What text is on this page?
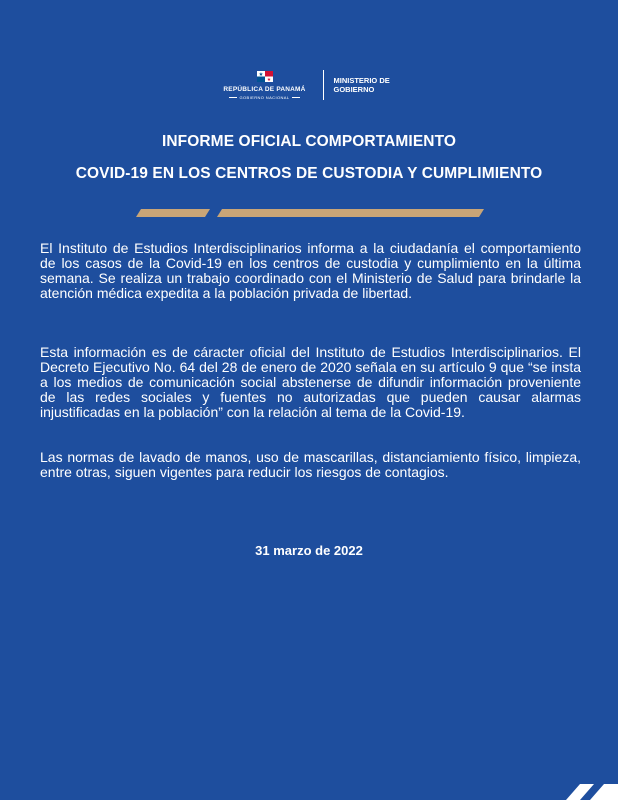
REPÚBLICA DE PANAMÁ
GOBIERNO NACIONAL
MINISTERIO DE
GOBIERNO
INFORME OFICIAL COMPORTAMIENTO
COVID-19 EN LOS CENTROS DE CUSTODIA Y CUMPLIMIENTO

El Instituto de Estudios Interdisciplinarios informa a la ciudadanía el comportamiento de los casos de la Covid-19 en los centros de custodia y cumplimiento en la última semana. Se realiza un trabajo coordinado con el Ministerio de Salud para brindarle la atención médica expedita a la población privada de libertad.

Esta información es de cáracter oficial del Instituto de Estudios Interdisciplinarios. El Decreto Ejecutivo No. 64 del 28 de enero de 2020 señala en su artículo 9 que “se insta a los medios de comunicación social abstenerse de difundir información proveniente de las redes sociales y fuentes no autorizadas que pueden causar alarmas injustificadas en la población” con la relación al tema de la Covid-19.

Las normas de lavado de manos, uso de mascarillas, distanciamiento físico, limpieza, entre otras, siguen vigentes para reducir los riesgos de contagios.

31 marzo de 2022
